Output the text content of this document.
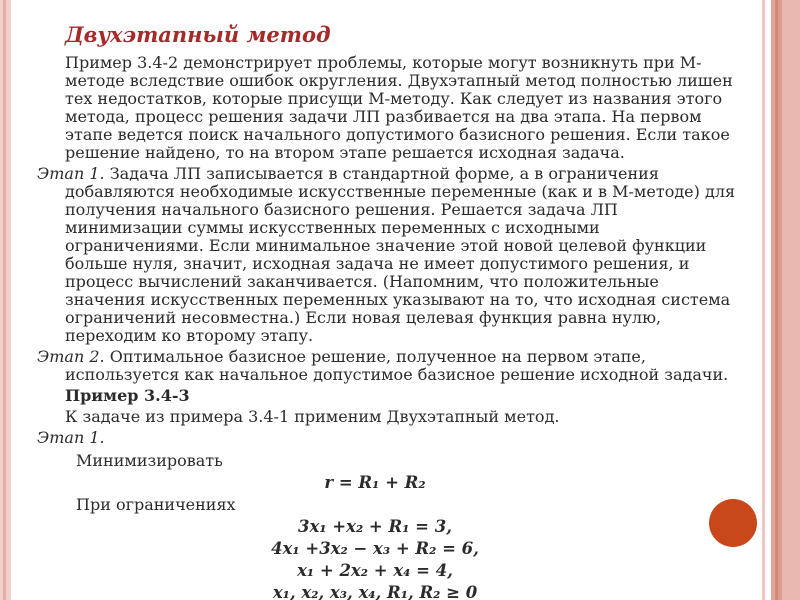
Двухэтапный метод

Пример 3.4-2 демонстрирует проблемы, которые могут возникнуть при М-методе вследствие ошибок округления. Двухэтапный метод полностью лишен тех недостатков, которые присущи М-методу. Как следует из названия этого метода, процесс решения задачи ЛП разбивается на два этапа. На первом этапе ведется поиск начального допустимого базисного решения. Если такое решение найдено, то на втором этапе решается исходная задача.

Этап 1. Задача ЛП записывается в стандартной форме, а в ограничения добавляются необходимые искусственные переменные (как и в М-методе) для получения начального базисного решения. Решается задача ЛП минимизации суммы искусственных переменных с исходными ограничениями. Если минимальное значение этой новой целевой функции больше нуля, значит, исходная задача не имеет допустимого решения, и процесс вычислений заканчивается. (Напомним, что положительные значения искусственных переменных указывают на то, что исходная система ограничений несовместна.) Если новая целевая функция равна нулю, переходим ко второму этапу.

Этап 2. Оптимальное базисное решение, полученное на первом этапе, используется как начальное допустимое базисное решение исходной задачи.

Пример 3.4-3

К задаче из примера 3.4-1 применим Двухэтапный метод.

Этап 1.

Минимизировать

r = R₁ + R₂

При ограничениях

3x₁ +x₂ + R₁ = 3,

4x₁ +3x₂ − x₃ + R₂ = 6,

x₁ + 2x₂ + x₄ = 4,

x₁, x₂, x₃, x₄, R₁, R₂ ≥ 0
